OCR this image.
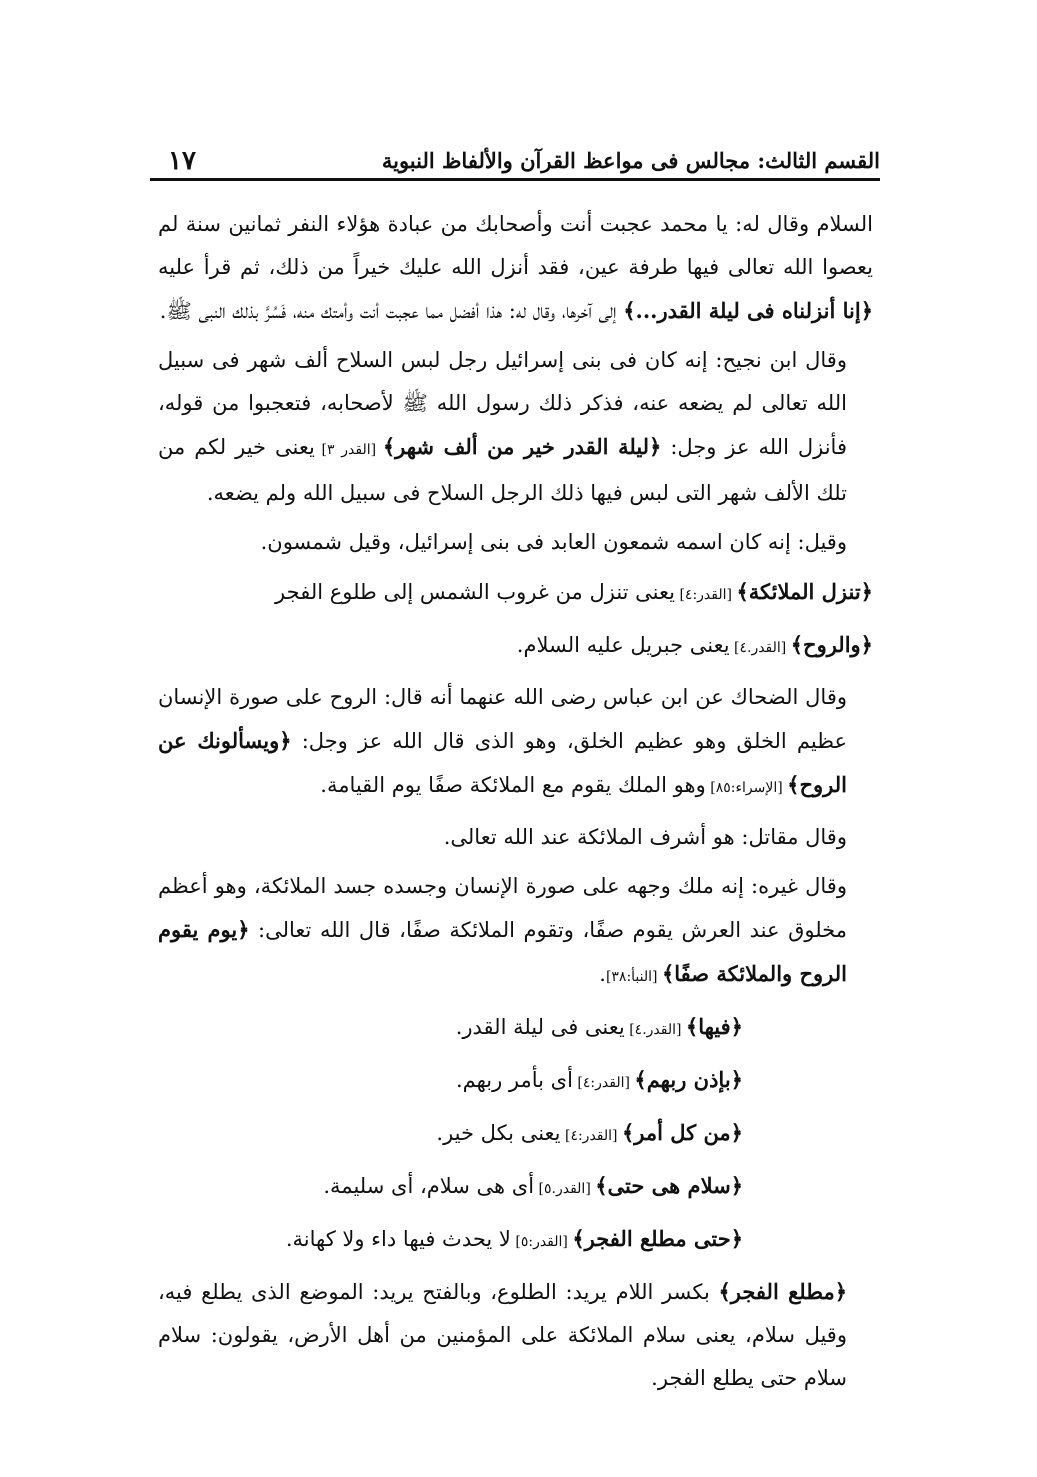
١٧	القسم الثالث: مجالس فى مواعظ القرآن والألفاظ النبوية

السلام وقال له: يا محمد عجبت أنت وأصحابك من عبادة هؤلاء النفر ثمانين سنة لم يعصوا الله تعالى فيها طرفة عين، فقد أنزل الله عليك خيراً من ذلك، ثم قرأ عليه ﴿إنا أنزلناه فى ليلة القدر...﴾ إلى آخرها، وقال له: هذا أفضل مما عجبت أنت وأمتك منه، فَسُرَّ بذلك النبى ﷺ.

وقال ابن نجيح: إنه كان فى بنى إسرائيل رجل لبس السلاح ألف شهر فى سبيل الله تعالى لم يضعه عنه، فذكر ذلك رسول الله ﷺ لأصحابه، فتعجبوا من قوله، فأنزل الله عز وجل: ﴿ليلة القدر خير من ألف شهر﴾ [القدر ٣] يعنى خير لكم من تلك الألف شهر التى لبس فيها ذلك الرجل السلاح فى سبيل الله ولم يضعه.

وقيل: إنه كان اسمه شمعون العابد فى بنى إسرائيل، وقيل شمسون.

﴿تنزل الملائكة﴾ [القدر:٤] يعنى تنزل من غروب الشمس إلى طلوع الفجر

﴿والروح﴾ [القدر.٤] يعنى جبريل عليه السلام.

وقال الضحاك عن ابن عباس رضى الله عنهما أنه قال: الروح على صورة الإنسان عظيم الخلق وهو عظيم الخلق، وهو الذى قال الله عز وجل: ﴿ويسألونك عن الروح﴾ [الإسراء:٨٥] وهو الملك يقوم مع الملائكة صفًا يوم القيامة.

وقال مقاتل: هو أشرف الملائكة عند الله تعالى.

وقال غيره: إنه ملك وجهه على صورة الإنسان وجسده جسد الملائكة، وهو أعظم مخلوق عند العرش يقوم صفًا، وتقوم الملائكة صفًا، قال الله تعالى: ﴿يوم يقوم الروح والملائكة صفًا﴾ [النبأ:٣٨].

﴿فيها﴾ [القدر.٤] يعنى فى ليلة القدر.

﴿بإذن ربهم﴾ [القدر:٤] أى بأمر ربهم.

﴿من كل أمر﴾ [القدر:٤] يعنى بكل خير.

﴿سلام هى حتى﴾ [القدر.٥] أى هى سلام، أى سليمة.

﴿حتى مطلع الفجر﴾ [القدر:٥] لا يحدث فيها داء ولا كهانة.

﴿مطلع الفجر﴾ بكسر اللام يريد: الطلوع، وبالفتح يريد: الموضع الذى يطلع فيه، وقيل سلام، يعنى سلام الملائكة على المؤمنين من أهل الأرض، يقولون: سلام سلام حتى يطلع الفجر.
